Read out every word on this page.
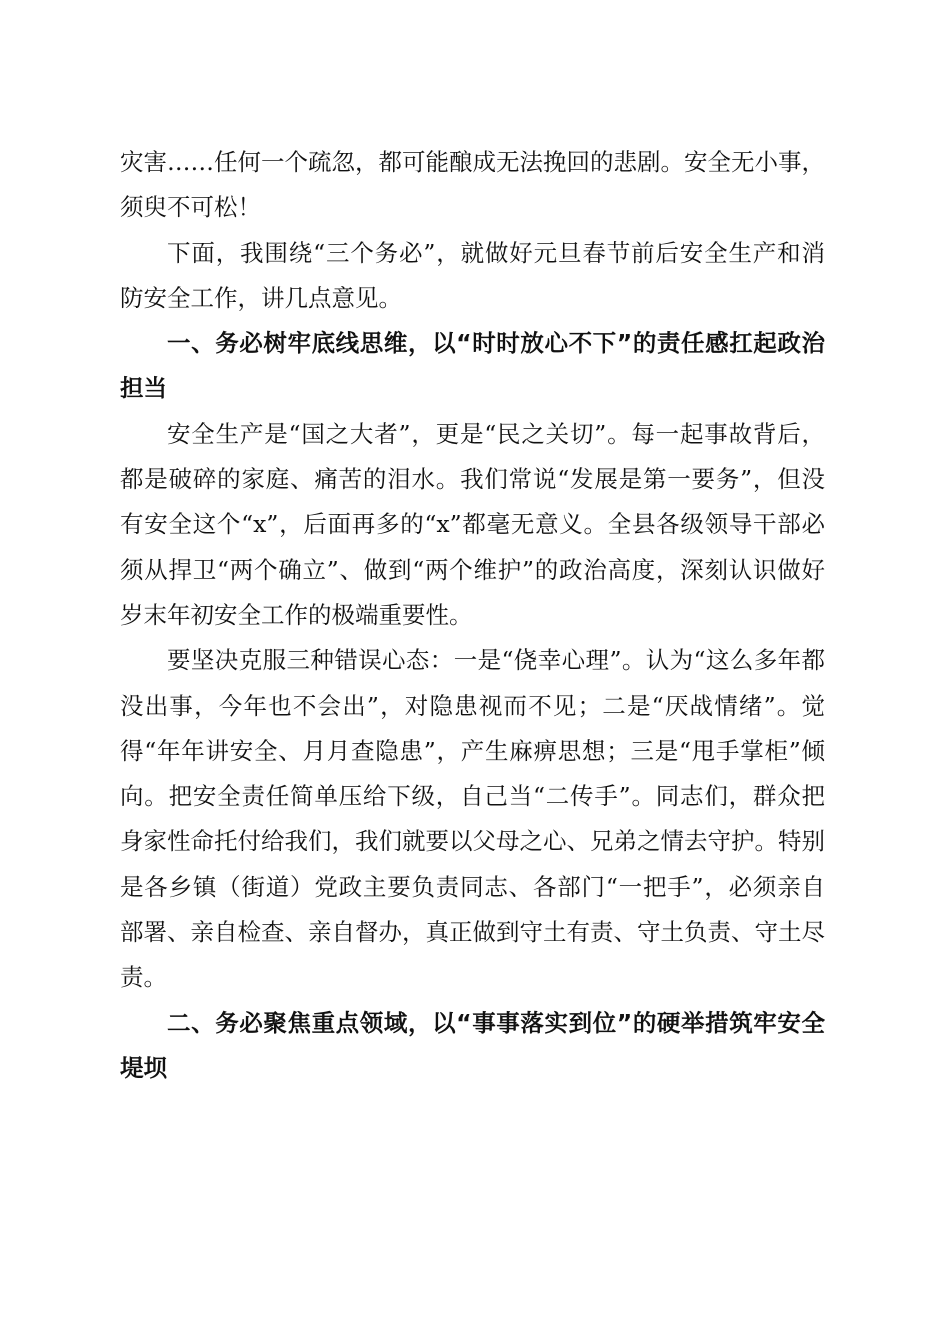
灾害……任何一个疏忽，都可能酿成无法挽回的悲剧。安全无小事，须臾不可松！

下面，我围绕“三个务必”，就做好元旦春节前后安全生产和消防安全工作，讲几点意见。

一、务必树牢底线思维，以“时时放心不下”的责任感扛起政治担当

安全生产是“国之大者”，更是“民之关切”。每一起事故背后，都是破碎的家庭、痛苦的泪水。我们常说“发展是第一要务”，但没有安全这个“x”，后面再多的“x”都毫无意义。全县各级领导干部必须从捍卫“两个确立”、做到“两个维护”的政治高度，深刻认识做好岁末年初安全工作的极端重要性。

要坚决克服三种错误心态：一是“侥幸心理”。认为“这么多年都没出事，今年也不会出”，对隐患视而不见；二是“厌战情绪”。觉得“年年讲安全、月月查隐患”，产生麻痹思想；三是“甩手掌柜”倾向。把安全责任简单压给下级，自己当“二传手”。同志们，群众把身家性命托付给我们，我们就要以父母之心、兄弟之情去守护。特别是各乡镇（街道）党政主要负责同志、各部门“一把手”，必须亲自部署、亲自检查、亲自督办，真正做到守土有责、守土负责、守土尽责。

二、务必聚焦重点领域，以“事事落实到位”的硬举措筑牢安全堤坝
